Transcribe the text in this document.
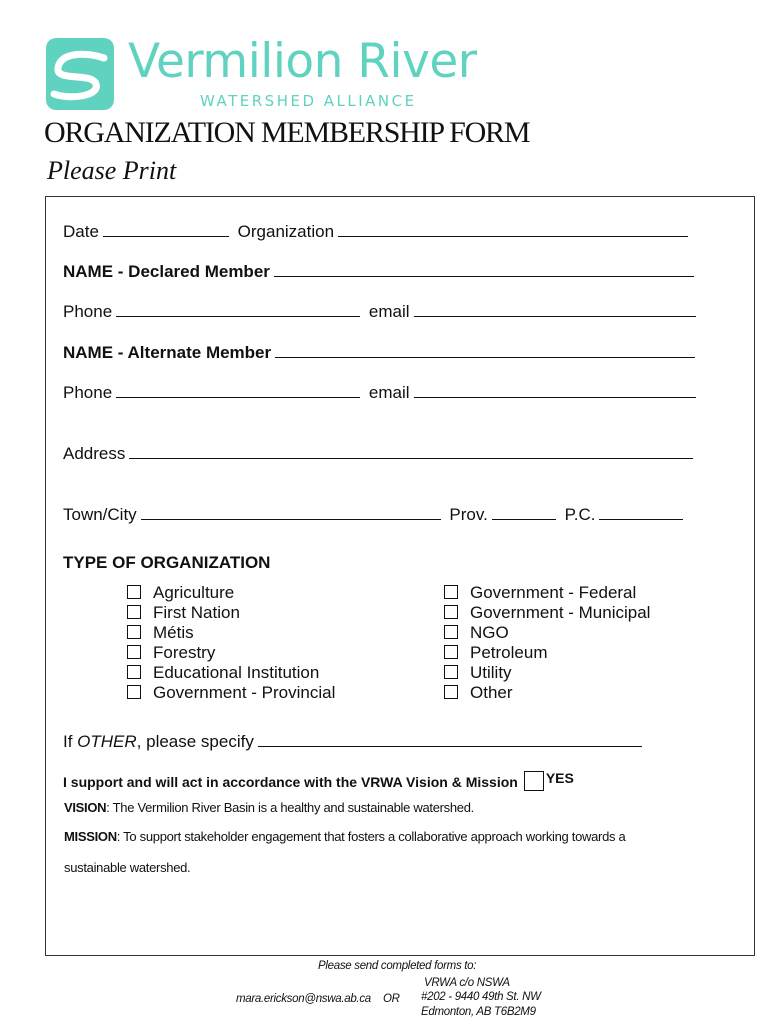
Vermilion River
WATERSHED ALLIANCE
ORGANIZATION MEMBERSHIP FORM
Please Print
Date	Organization
NAME - Declared Member
Phone	email
NAME - Alternate Member
Phone	email
Address
Town/City	Prov.	P.C.
TYPE OF ORGANIZATION
Agriculture
First Nation
Métis
Forestry
Educational Institution
Government - Provincial
Government - Federal
Government - Municipal
NGO
Petroleum
Utility
Other
If OTHER, please specify
I support and will act in accordance with the VRWA Vision & Mission YES
VISION: The Vermilion River Basin is a healthy and sustainable watershed.
MISSION: To support stakeholder engagement that fosters a collaborative approach working towards a
sustainable watershed.
Please send completed forms to:
mara.erickson@nswa.ab.ca OR
VRWA c/o NSWA
#202 - 9440 49th St. NW
Edmonton, AB T6B2M9
